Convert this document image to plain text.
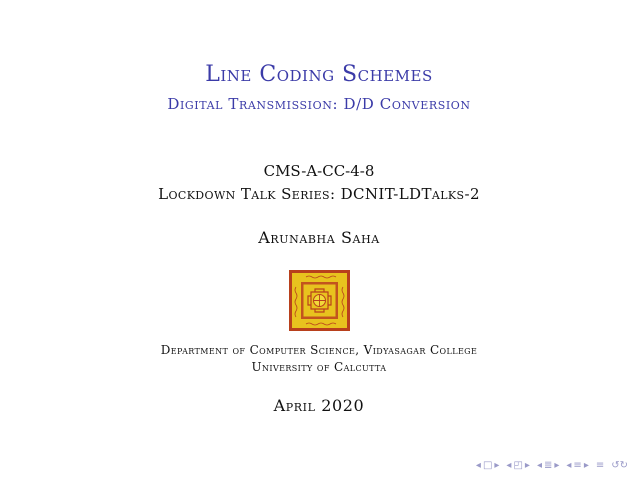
Line Coding Schemes
Digital Transmission: D/D Conversion
CMS-A-CC-4-8
Lockdown Talk Series: DCNIT-LDTalks-2
Arunabha Saha
Department of Computer Science, Vidyasagar College
University of Calcutta
April 2020
◂ □ ▸ ◂ ◰ ▸ ◂ ≣ ▸ ◂ ≡ ▸ ≡ ↺↻
